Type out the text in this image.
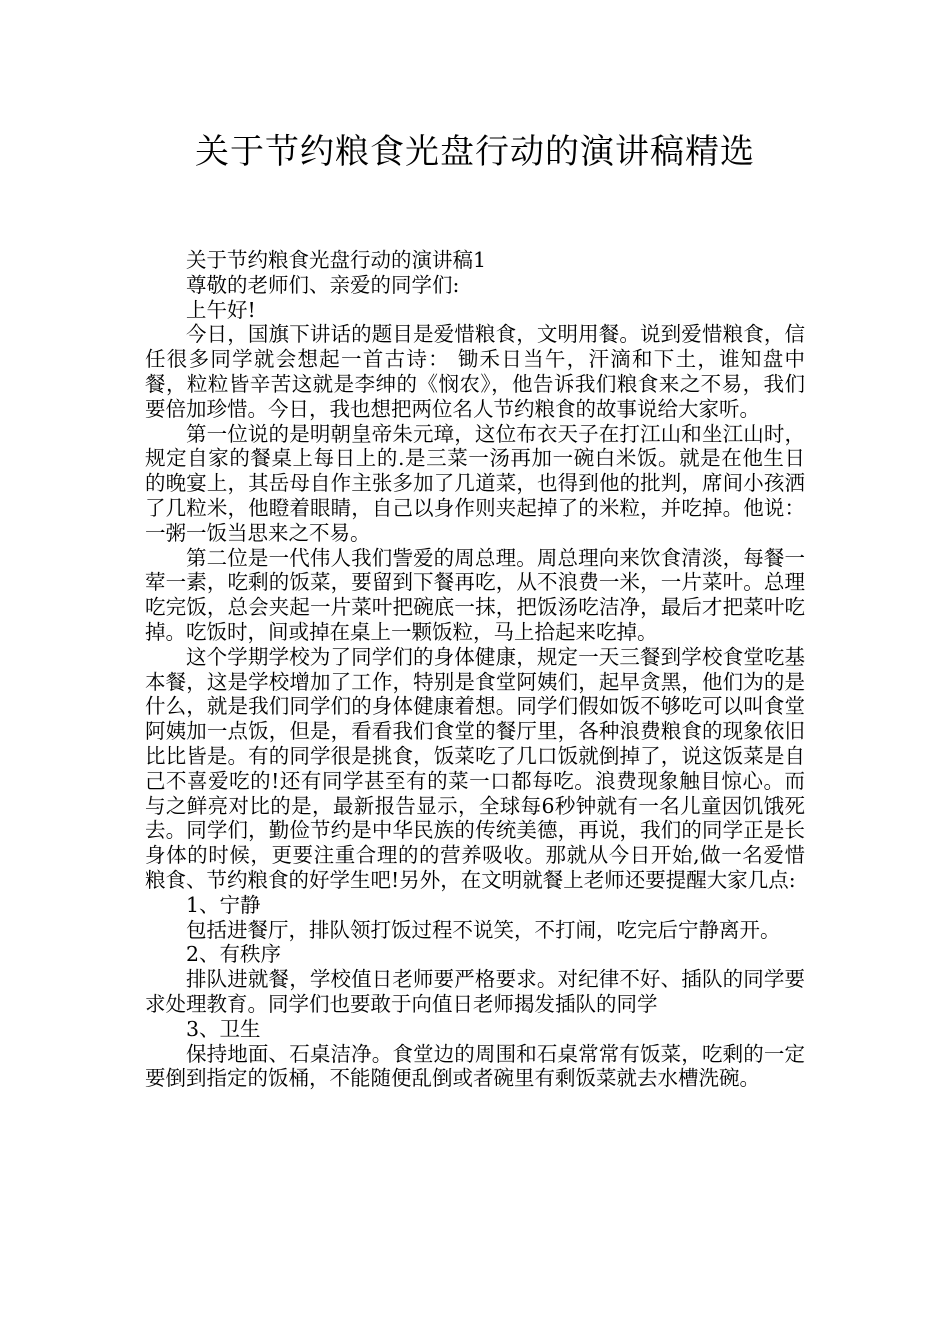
关于节约粮食光盘行动的演讲稿精选

关于节约粮食光盘行动的演讲稿1

尊敬的老师们、亲爱的同学们:

上午好!

今日，国旗下讲话的题目是爱惜粮食，文明用餐。说到爱惜粮食，信任很多同学就会想起一首古诗： 锄禾日当午，汗滴和下土，谁知盘中餐，粒粒皆辛苦这就是李绅的《悯农》，他告诉我们粮食来之不易，我们要倍加珍惜。今日，我也想把两位名人节约粮食的故事说给大家听。

第一位说的是明朝皇帝朱元璋，这位布衣天子在打江山和坐江山时，规定自家的餐桌上每日上的.是三菜一汤再加一碗白米饭。就是在他生日的晚宴上，其岳母自作主张多加了几道菜，也得到他的批判，席间小孩洒了几粒米，他瞪着眼睛，自己以身作则夹起掉了的米粒，并吃掉。他说：一粥一饭当思来之不易。

第二位是一代伟人我们訾爱的周总理。周总理向来饮食清淡，每餐一荤一素，吃剩的饭菜，要留到下餐再吃，从不浪费一米，一片菜叶。总理吃完饭，总会夹起一片菜叶把碗底一抹，把饭汤吃洁净，最后才把菜叶吃掉。吃饭时，间或掉在桌上一颗饭粒，马上拾起来吃掉。

这个学期学校为了同学们的身体健康，规定一天三餐到学校食堂吃基本餐，这是学校增加了工作，特别是食堂阿姨们，起早贪黑，他们为的是什么，就是我们同学们的身体健康着想。同学们假如饭不够吃可以叫食堂阿姨加一点饭，但是，看看我们食堂的餐厅里，各种浪费粮食的现象依旧比比皆是。有的同学很是挑食，饭菜吃了几口饭就倒掉了，说这饭菜是自己不喜爱吃的!还有同学甚至有的菜一口都每吃。浪费现象触目惊心。而与之鲜亮对比的是，最新报告显示，全球每6秒钟就有一名儿童因饥饿死去。同学们，勤俭节约是中华民族的传统美德，再说，我们的同学正是长身体的时候，更要注重合理的的营养吸收。那就从今日开始,做一名爱惜粮食、节约粮食的好学生吧!另外，在文明就餐上老师还要提醒大家几点:

1、宁静

包括进餐厅，排队领打饭过程不说笑，不打闹，吃完后宁静离开。

2、有秩序

排队进就餐，学校值日老师要严格要求。对纪律不好、插队的同学要求处理教育。同学们也要敢于向值日老师揭发插队的同学

3、卫生

保持地面、石桌洁净。食堂边的周围和石桌常常有饭菜，吃剩的一定要倒到指定的饭桶，不能随便乱倒或者碗里有剩饭菜就去水槽洗碗。
